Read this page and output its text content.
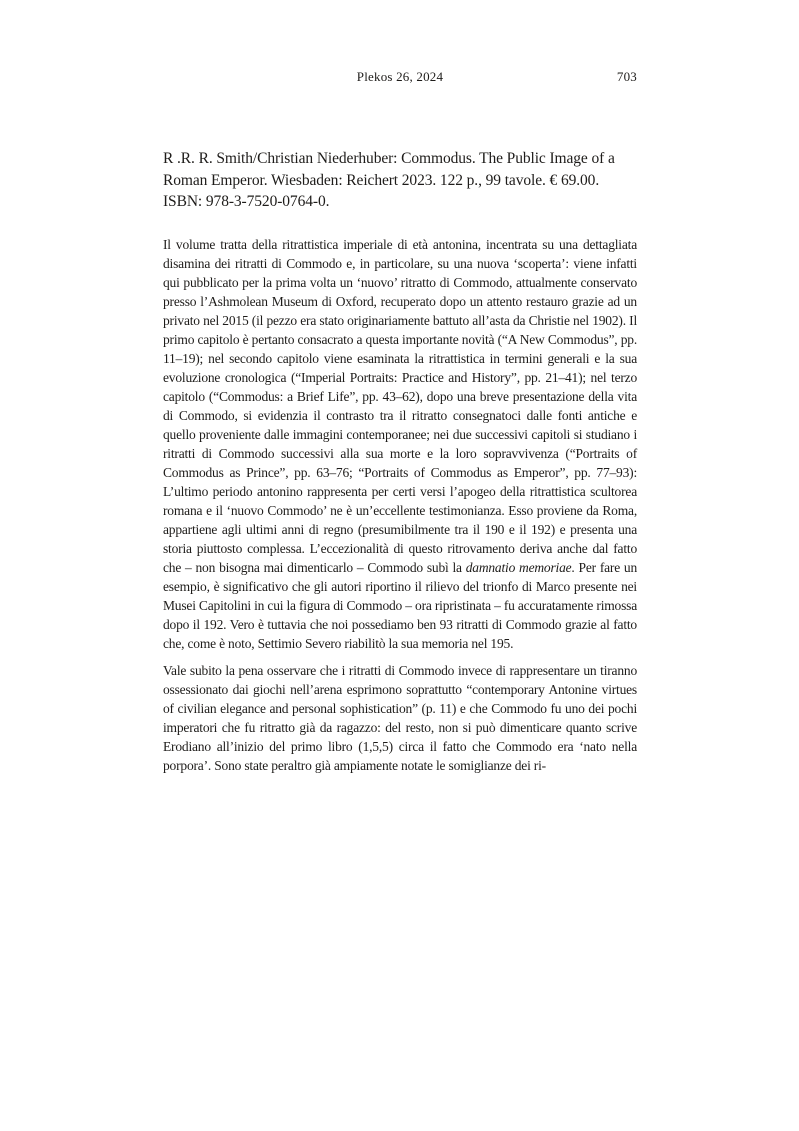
Plekos 26, 2024	703

R .R. R. Smith/Christian Niederhuber: Commodus. The Public Image of a Roman Emperor. Wiesbaden: Reichert 2023. 122 p., 99 tavole. € 69.00. ISBN: 978-3-7520-0764-0.

Il volume tratta della ritrattistica imperiale di età antonina, incentrata su una dettagliata disamina dei ritratti di Commodo e, in particolare, su una nuova ‘scoperta’: viene infatti qui pubblicato per la prima volta un ‘nuovo’ ritratto di Commodo, attualmente conservato presso l’Ashmolean Museum di Oxford, recuperato dopo un attento restauro grazie ad un privato nel 2015 (il pezzo era stato originariamente battuto all’asta da Christie nel 1902). Il primo capitolo è pertanto consacrato a questa importante novità (“A New Commodus”, pp. 11–19); nel secondo capitolo viene esaminata la ritrattistica in termini generali e la sua evoluzione cronologica (“Imperial Portraits: Practice and History”, pp. 21–41); nel terzo capitolo (“Commodus: a Brief Life”, pp. 43–62), dopo una breve presentazione della vita di Commodo, si evidenzia il contrasto tra il ritratto consegnatoci dalle fonti antiche e quello proveniente dalle immagini contemporanee; nei due successivi capitoli si studiano i ritratti di Commodo successivi alla sua morte e la loro sopravvivenza (“Portraits of Commodus as Prince”, pp. 63–76; “Portraits of Commodus as Emperor”, pp. 77–93): L’ultimo periodo antonino rappresenta per certi versi l’apogeo della ritrattistica scultorea romana e il ‘nuovo Commodo’ ne è un’eccellente testimonianza. Esso proviene da Roma, appartiene agli ultimi anni di regno (presumibilmente tra il 190 e il 192) e presenta una storia piuttosto complessa. L’eccezionalità di questo ritrovamento deriva anche dal fatto che – non bisogna mai dimenticarlo – Commodo subì la damnatio memoriae. Per fare un esempio, è significativo che gli autori riportino il rilievo del trionfo di Marco presente nei Musei Capitolini in cui la figura di Commodo – ora ripristinata – fu accuratamente rimossa dopo il 192. Vero è tuttavia che noi possediamo ben 93 ritratti di Commodo grazie al fatto che, come è noto, Settimio Severo riabilitò la sua memoria nel 195.

Vale subito la pena osservare che i ritratti di Commodo invece di rappresentare un tiranno ossessionato dai giochi nell’arena esprimono soprattutto “contemporary Antonine virtues of civilian elegance and personal sophistication” (p. 11) e che Commodo fu uno dei pochi imperatori che fu ritratto già da ragazzo: del resto, non si può dimenticare quanto scrive Erodiano all’inizio del primo libro (1,5,5) circa il fatto che Commodo era ‘nato nella porpora’. Sono state peraltro già ampiamente notate le somiglianze dei ri-
